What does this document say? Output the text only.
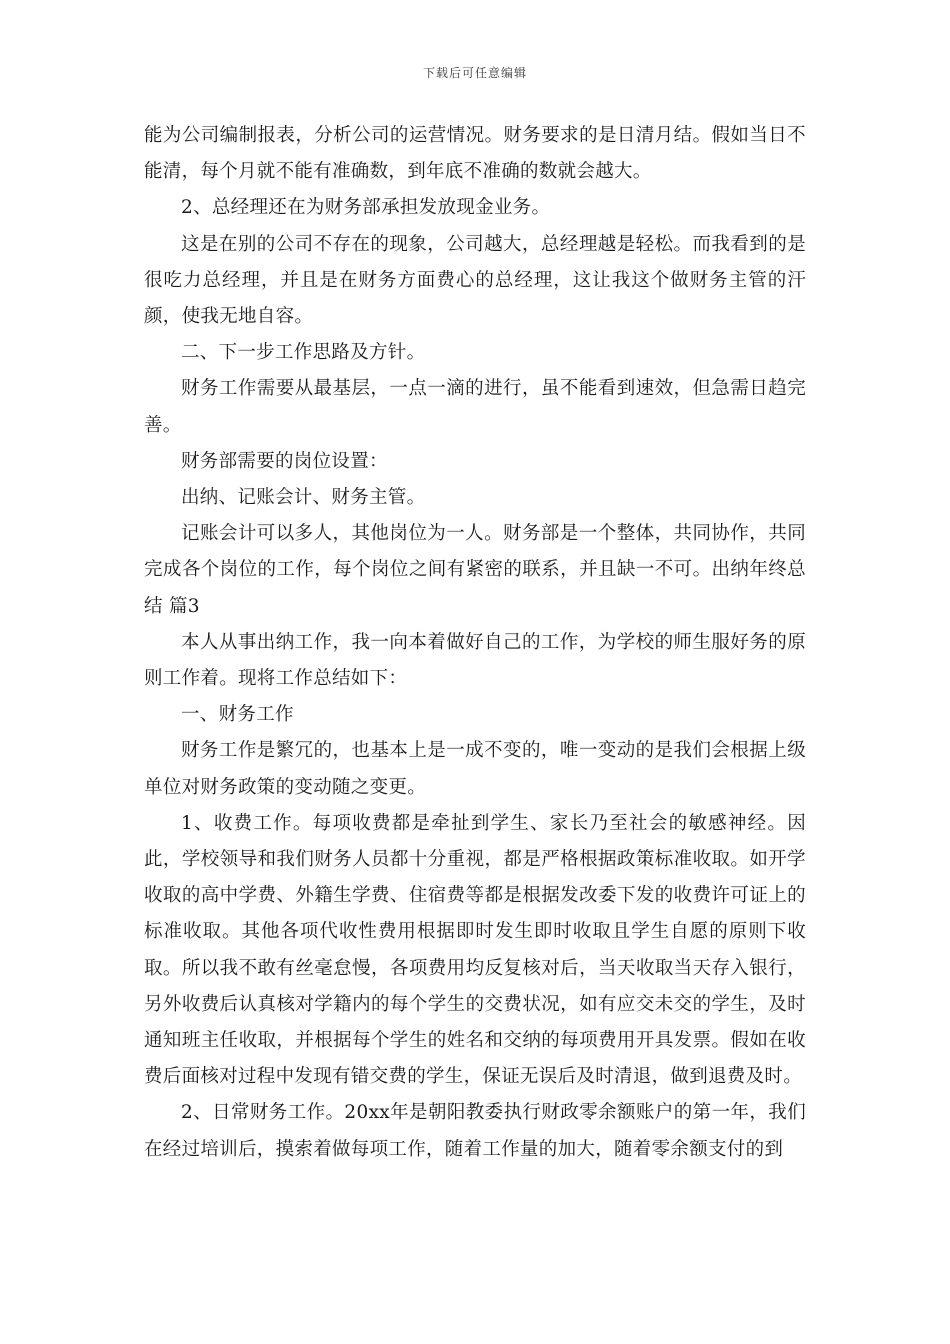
下载后可任意编辑

能为公司编制报表，分析公司的运营情况。财务要求的是日清月结。假如当日不能清，每个月就不能有准确数，到年底不准确的数就会越大。

2、总经理还在为财务部承担发放现金业务。

这是在别的公司不存在的现象，公司越大，总经理越是轻松。而我看到的是很吃力总经理，并且是在财务方面费心的总经理，这让我这个做财务主管的汗颜，使我无地自容。

二、下一步工作思路及方针。

财务工作需要从最基层，一点一滴的进行，虽不能看到速效，但急需日趋完善。

财务部需要的岗位设置：

出纳、记账会计、财务主管。

记账会计可以多人，其他岗位为一人。财务部是一个整体，共同协作，共同完成各个岗位的工作，每个岗位之间有紧密的联系，并且缺一不可。出纳年终总结 篇3

本人从事出纳工作，我一向本着做好自己的工作，为学校的师生服好务的原则工作着。现将工作总结如下：

一、财务工作

财务工作是繁冗的，也基本上是一成不变的，唯一变动的是我们会根据上级单位对财务政策的变动随之变更。

1、收费工作。每项收费都是牵扯到学生、家长乃至社会的敏感神经。因此，学校领导和我们财务人员都十分重视，都是严格根据政策标准收取。如开学收取的高中学费、外籍生学费、住宿费等都是根据发改委下发的收费许可证上的标准收取。其他各项代收性费用根据即时发生即时收取且学生自愿的原则下收取。所以我不敢有丝毫怠慢，各项费用均反复核对后，当天收取当天存入银行，另外收费后认真核对学籍内的每个学生的交费状况，如有应交未交的学生，及时通知班主任收取，并根据每个学生的姓名和交纳的每项费用开具发票。假如在收费后面核对过程中发现有错交费的学生，保证无误后及时清退，做到退费及时。

2、日常财务工作。20xx年是朝阳教委执行财政零余额账户的第一年，我们在经过培训后，摸索着做每项工作，随着工作量的加大，随着零余额支付的到
